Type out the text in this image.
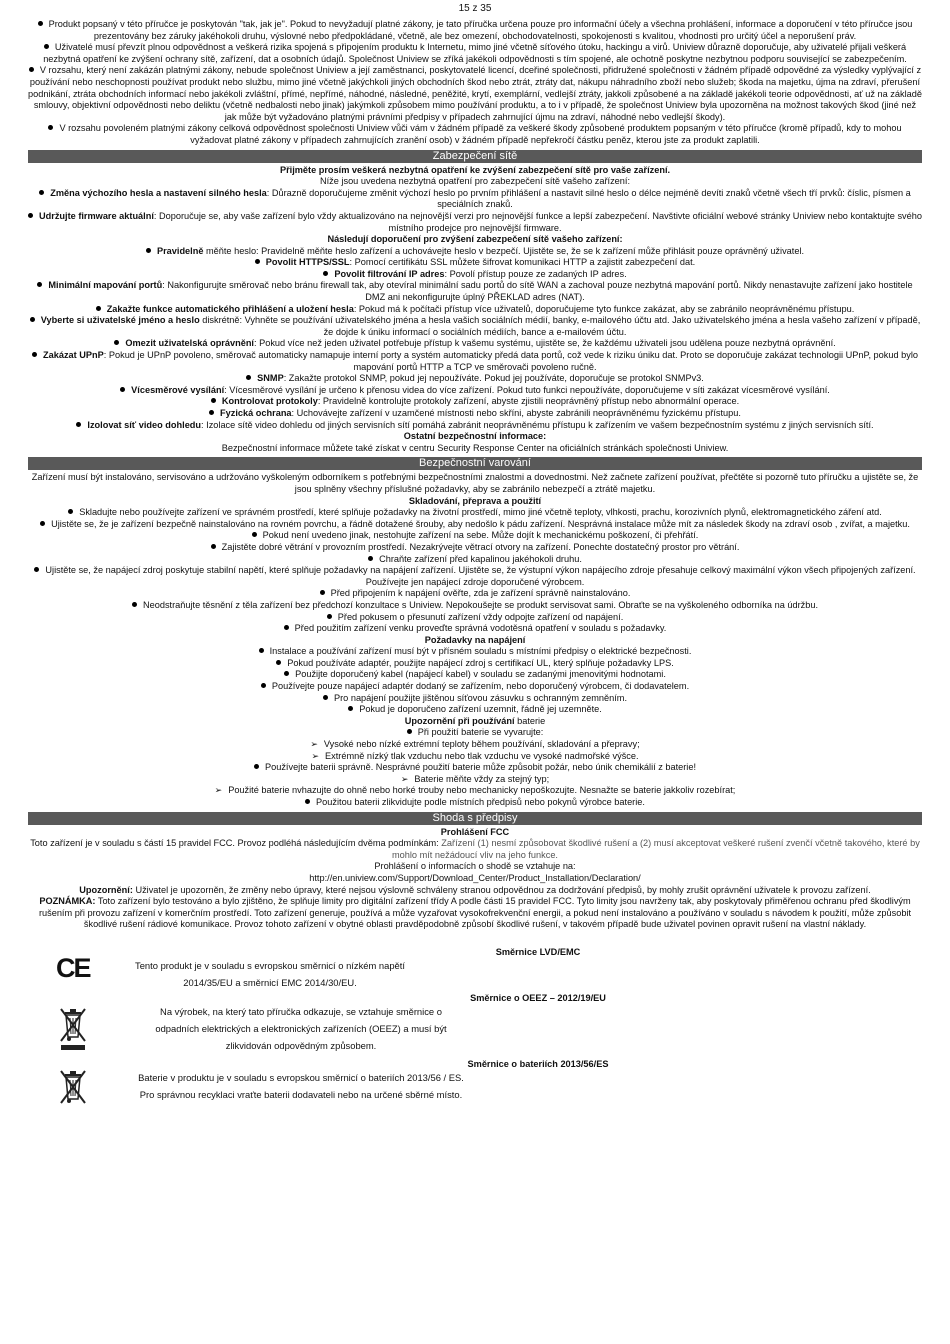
15 z 35

Produkt popsaný v této příručce je poskytován "tak, jak je". Pokud to nevyžadují platné zákony, je tato příručka určena pouze pro informační účely a všechna prohlášení, informace a doporučení v této příručce jsou prezentovány bez záruky jakéhokoli druhu, výslovné nebo předpokládané, včetně, ale bez omezení, obchodovatelnosti, spokojenosti s kvalitou, vhodnosti pro určitý účel a neporušení práv.

Uživatelé musí převzít plnou odpovědnost a veškerá rizika spojená s připojením produktu k Internetu, mimo jiné včetně síťového útoku, hackingu a virů. Uniview důrazně doporučuje, aby uživatelé přijali veškerá nezbytná opatření ke zvýšení ochrany sítě, zařízení, dat a osobních údajů. Společnost Uniview se zříká jakékoli odpovědnosti s tím spojené, ale ochotně poskytne nezbytnou podporu související se zabezpečením.

V rozsahu, který není zakázán platnými zákony, nebude společnost Uniview a její zaměstnanci, poskytovatelé licencí, dceřiné společnosti, přidružené společnosti v žádném případě odpovědné za výsledky vyplývající z používání nebo neschopnosti používat produkt nebo službu, mimo jiné včetně jakýchkoli jiných obchodních škod nebo ztrát, ztráty dat, nákupu náhradního zboží nebo služeb; škoda na majetku, újma na zdraví, přerušení podnikání, ztráta obchodních informací nebo jakékoli zvláštní, přímé, nepřímé, náhodné, následné, peněžité, krytí, exemplární, vedlejší ztráty, jakkoli způsobené a na základě jakékoli teorie odpovědnosti, ať už na základě smlouvy, objektivní odpovědnosti nebo deliktu (včetně nedbalosti nebo jinak) jakýmkoli způsobem mimo používání produktu, a to i v případě, že společnost Uniview byla upozorněna na možnost takových škod (jiné než jak může být vyžadováno platnými právními předpisy v případech zahrnující újmu na zdraví, náhodné nebo vedlejší škody).

V rozsahu povoleném platnými zákony celková odpovědnost společnosti Uniview vůči vám v žádném případě za veškeré škody způsobené produktem popsaným v této příručce (kromě případů, kdy to mohou vyžadovat platné zákony v případech zahrnujících zranění osob) v žádném případě nepřekročí částku peněz, kterou jste za produkt zaplatili.

Zabezpečení sítě

Přijměte prosím veškerá nezbytná opatření ke zvýšení zabezpečení sítě pro vaše zařízení.

Níže jsou uvedena nezbytná opatření pro zabezpečení sítě vašeho zařízení:

Změna výchozího hesla a nastavení silného hesla: Důrazně doporučujeme změnit výchozí heslo po prvním přihlášení a nastavit silné heslo o délce nejméně devíti znaků včetně všech tří prvků: číslic, písmen a speciálních znaků.

Udržujte firmware aktuální: Doporučuje se, aby vaše zařízení bylo vždy aktualizováno na nejnovější verzi pro nejnovější funkce a lepší zabezpečení. Navštivte oficiální webové stránky Uniview nebo kontaktujte svého místního prodejce pro nejnovější firmware.

Následují doporučení pro zvýšení zabezpečení sítě vašeho zařízení:

Pravidelně měňte heslo: Pravidelně měňte heslo zařízení a uchovávejte heslo v bezpečí. Ujistěte se, že se k zařízení může přihlásit pouze oprávněný uživatel.

Povolit HTTPS/SSL: Pomocí certifikátu SSL můžete šifrovat komunikaci HTTP a zajistit zabezpečení dat.

Povolit filtrování IP adres: Povolí přístup pouze ze zadaných IP adres.

Minimální mapování portů: Nakonfigurujte směrovač nebo bránu firewall tak, aby otevíral minimální sadu portů do sítě WAN a zachoval pouze nezbytná mapování portů. Nikdy nenastavujte zařízení jako hostitele DMZ ani nekonfigurujte úplný PŘEKLAD adres (NAT).

Zakažte funkce automatického přihlášení a uložení hesla: Pokud má k počítači přístup více uživatelů, doporučujeme tyto funkce zakázat, aby se zabránilo neoprávněnému přístupu.

Vyberte si uživatelské jméno a heslo diskrétně: Vyhněte se používání uživatelského jména a hesla vašich sociálních médií, banky, e-mailového účtu atd. Jako uživatelského jména a hesla vašeho zařízení v případě, že dojde k úniku informací o sociálních médiích, bance a e-mailovém účtu.

Omezit uživatelská oprávnění: Pokud více než jeden uživatel potřebuje přístup k vašemu systému, ujistěte se, že každému uživateli jsou udělena pouze nezbytná oprávnění.

Zakázat UPnP: Pokud je UPnP povoleno, směrovač automaticky namapuje interní porty a systém automaticky předá data portů, což vede k riziku úniku dat. Proto se doporučuje zakázat technologii UPnP, pokud bylo mapování portů HTTP a TCP ve směrovači povoleno ručně.

SNMP: Zakažte protokol SNMP, pokud jej nepoužíváte. Pokud jej používáte, doporučuje se protokol SNMPv3.

Vícesměrové vysílání: Vícesměrové vysílání je určeno k přenosu videa do více zařízení. Pokud tuto funkci nepoužíváte, doporučujeme v síti zakázat vícesměrové vysílání.

Kontrolovat protokoly: Pravidelně kontrolujte protokoly zařízení, abyste zjistili neoprávněný přístup nebo abnormální operace.

Fyzická ochrana: Uchovávejte zařízení v uzamčené místnosti nebo skříni, abyste zabránili neoprávněnému fyzickému přístupu.

Izolovat síť video dohledu: Izolace sítě video dohledu od jiných servisních sítí pomáhá zabránit neoprávněnému přístupu k zařízením ve vašem bezpečnostním systému z jiných servisních sítí.

Ostatní bezpečnostní informace:

Bezpečnostní informace můžete také získat v centru Security Response Center na oficiálních stránkách společnosti Uniview.

Bezpečnostní varování

Zařízení musí být instalováno, servisováno a udržováno vyškoleným odborníkem s potřebnými bezpečnostními znalostmi a dovednostmi. Než začnete zařízení používat, přečtěte si pozorně tuto příručku a ujistěte se, že jsou splněny všechny příslušné požadavky, aby se zabránilo nebezpečí a ztrátě majetku.

Skladování, přeprava a použití

Skladujte nebo používejte zařízení ve správném prostředí, které splňuje požadavky na životní prostředí, mimo jiné včetně teploty, vlhkosti, prachu, korozivních plynů, elektromagnetického záření atd.

Ujistěte se, že je zařízení bezpečně nainstalováno na rovném povrchu, a řádně dotažené šrouby, aby nedošlo k pádu zařízení. Nesprávná instalace může mít za následek škody na zdraví osob , zvířat, a majetku.

Pokud není uvedeno jinak, nestohujte zařízení na sebe. Může dojít k mechanickému poškození, či přehřátí.

Zajistěte dobré větrání v provozním prostředí. Nezakrývejte větrací otvory na zařízení. Ponechte dostatečný prostor pro větrání.

Chraňte zařízení před kapalinou jakéhokoli druhu.

Ujistěte se, že napájecí zdroj poskytuje stabilní napětí, které splňuje požadavky na napájení zařízení. Ujistěte se, že výstupní výkon napájecího zdroje přesahuje celkový maximální výkon všech připojených zařízení. Používejte jen napájecí zdroje doporučené výrobcem.

Před připojením k napájení ověřte, zda je zařízení správně nainstalováno.

Neodstraňujte těsnění z těla zařízení bez předchozí konzultace s Uniview. Nepokoušejte se produkt servisovat sami. Obraťte se na vyškoleného odborníka na údržbu.

Před pokusem o přesunutí zařízení vždy odpojte zařízení od napájení.

Před použitím zařízení venku proveďte správná vodotěsná opatření v souladu s požadavky.

Požadavky na napájení

Instalace a používání zařízení musí být v přísném souladu s místními předpisy o elektrické bezpečnosti.

Pokud používáte adaptér, použijte napájecí zdroj s certifikací UL, který splňuje požadavky LPS.

Použijte doporučený kabel (napájecí kabel) v souladu se zadanými jmenovitými hodnotami.

Používejte pouze napájecí adaptér dodaný se zařízením, nebo doporučený výrobcem, či dodavatelem.

Pro napájení použijte jištěnou síťovou zásuvku s ochranným zemněním.

Pokud je doporučeno zařízení uzemnit, řádně jej uzemněte.

Upozornění při používání baterie

Při použití baterie se vyvarujte:

➢ Vysoké nebo nízké extrémní teploty během používání, skladování a přepravy;

➢ Extrémně nízký tlak vzduchu nebo tlak vzduchu ve vysoké nadmořské výšce.

Používejte baterii správně. Nesprávné použití baterie může způsobit požár, nebo únik chemikálií z baterie!

➢ Baterie měňte vždy za stejný typ;

➢ Použité baterie nvhazujte do ohně nebo horké trouby nebo mechanicky nepoškozujte. Nesnažte se baterie jakkoliv rozebírat;

Použitou baterii zlikvidujte podle místních předpisů nebo pokynů výrobce baterie.

Shoda s předpisy

Prohlášení FCC

Toto zařízení je v souladu s částí 15 pravidel FCC. Provoz podléhá následujícím dvěma podmínkám: Zařízení (1) nesmí způsobovat škodlivé rušení a (2) musí akceptovat veškeré rušení zvenčí včetně takového, které by mohlo mít nežádoucí vliv na jeho funkce.

Prohlášení o informacích o shodě se vztahuje na:

http://en.uniview.com/Support/Download_Center/Product_Installation/Declaration/

Upozornění: Uživatel je upozorněn, že změny nebo úpravy, které nejsou výslovně schváleny stranou odpovědnou za dodržování předpisů, by mohly zrušit oprávnění uživatele k provozu zařízení.

POZNÁMKA: Toto zařízení bylo testováno a bylo zjištěno, že splňuje limity pro digitální zařízení třídy A podle části 15 pravidel FCC. Tyto limity jsou navrženy tak, aby poskytovaly přiměřenou ochranu před škodlivým rušením při provozu zařízení v komerčním prostředí. Toto zařízení generuje, používá a může vyzařovat vysokofrekvenční energii, a pokud není instalováno a používáno v souladu s návodem k použití, může způsobit škodlivé rušení rádiové komunikace. Provoz tohoto zařízení v obytné oblasti pravděpodobně způsobí škodlivé rušení, v takovém případě bude uživatel povinen opravit rušení na vlastní náklady.

Směrnice LVD/EMC
CE	Tento produkt je v souladu s evropskou směrnicí o nízkém napětí 2014/35/EU a směrnicí EMC 2014/30/EU.
Směrnice o OEEZ – 2012/19/EU
Na výrobek, na který tato příručka odkazuje, se vztahuje směrnice o odpadních elektrických a elektronických zařízeních (OEEZ) a musí být zlikvidován odpovědným způsobem.
Směrnice o bateriích 2013/56/ES
Baterie v produktu je v souladu s evropskou směrnicí o bateriích 2013/56 / ES. Pro správnou recyklaci vraťte baterii dodavateli nebo na určené sběrné místo.
